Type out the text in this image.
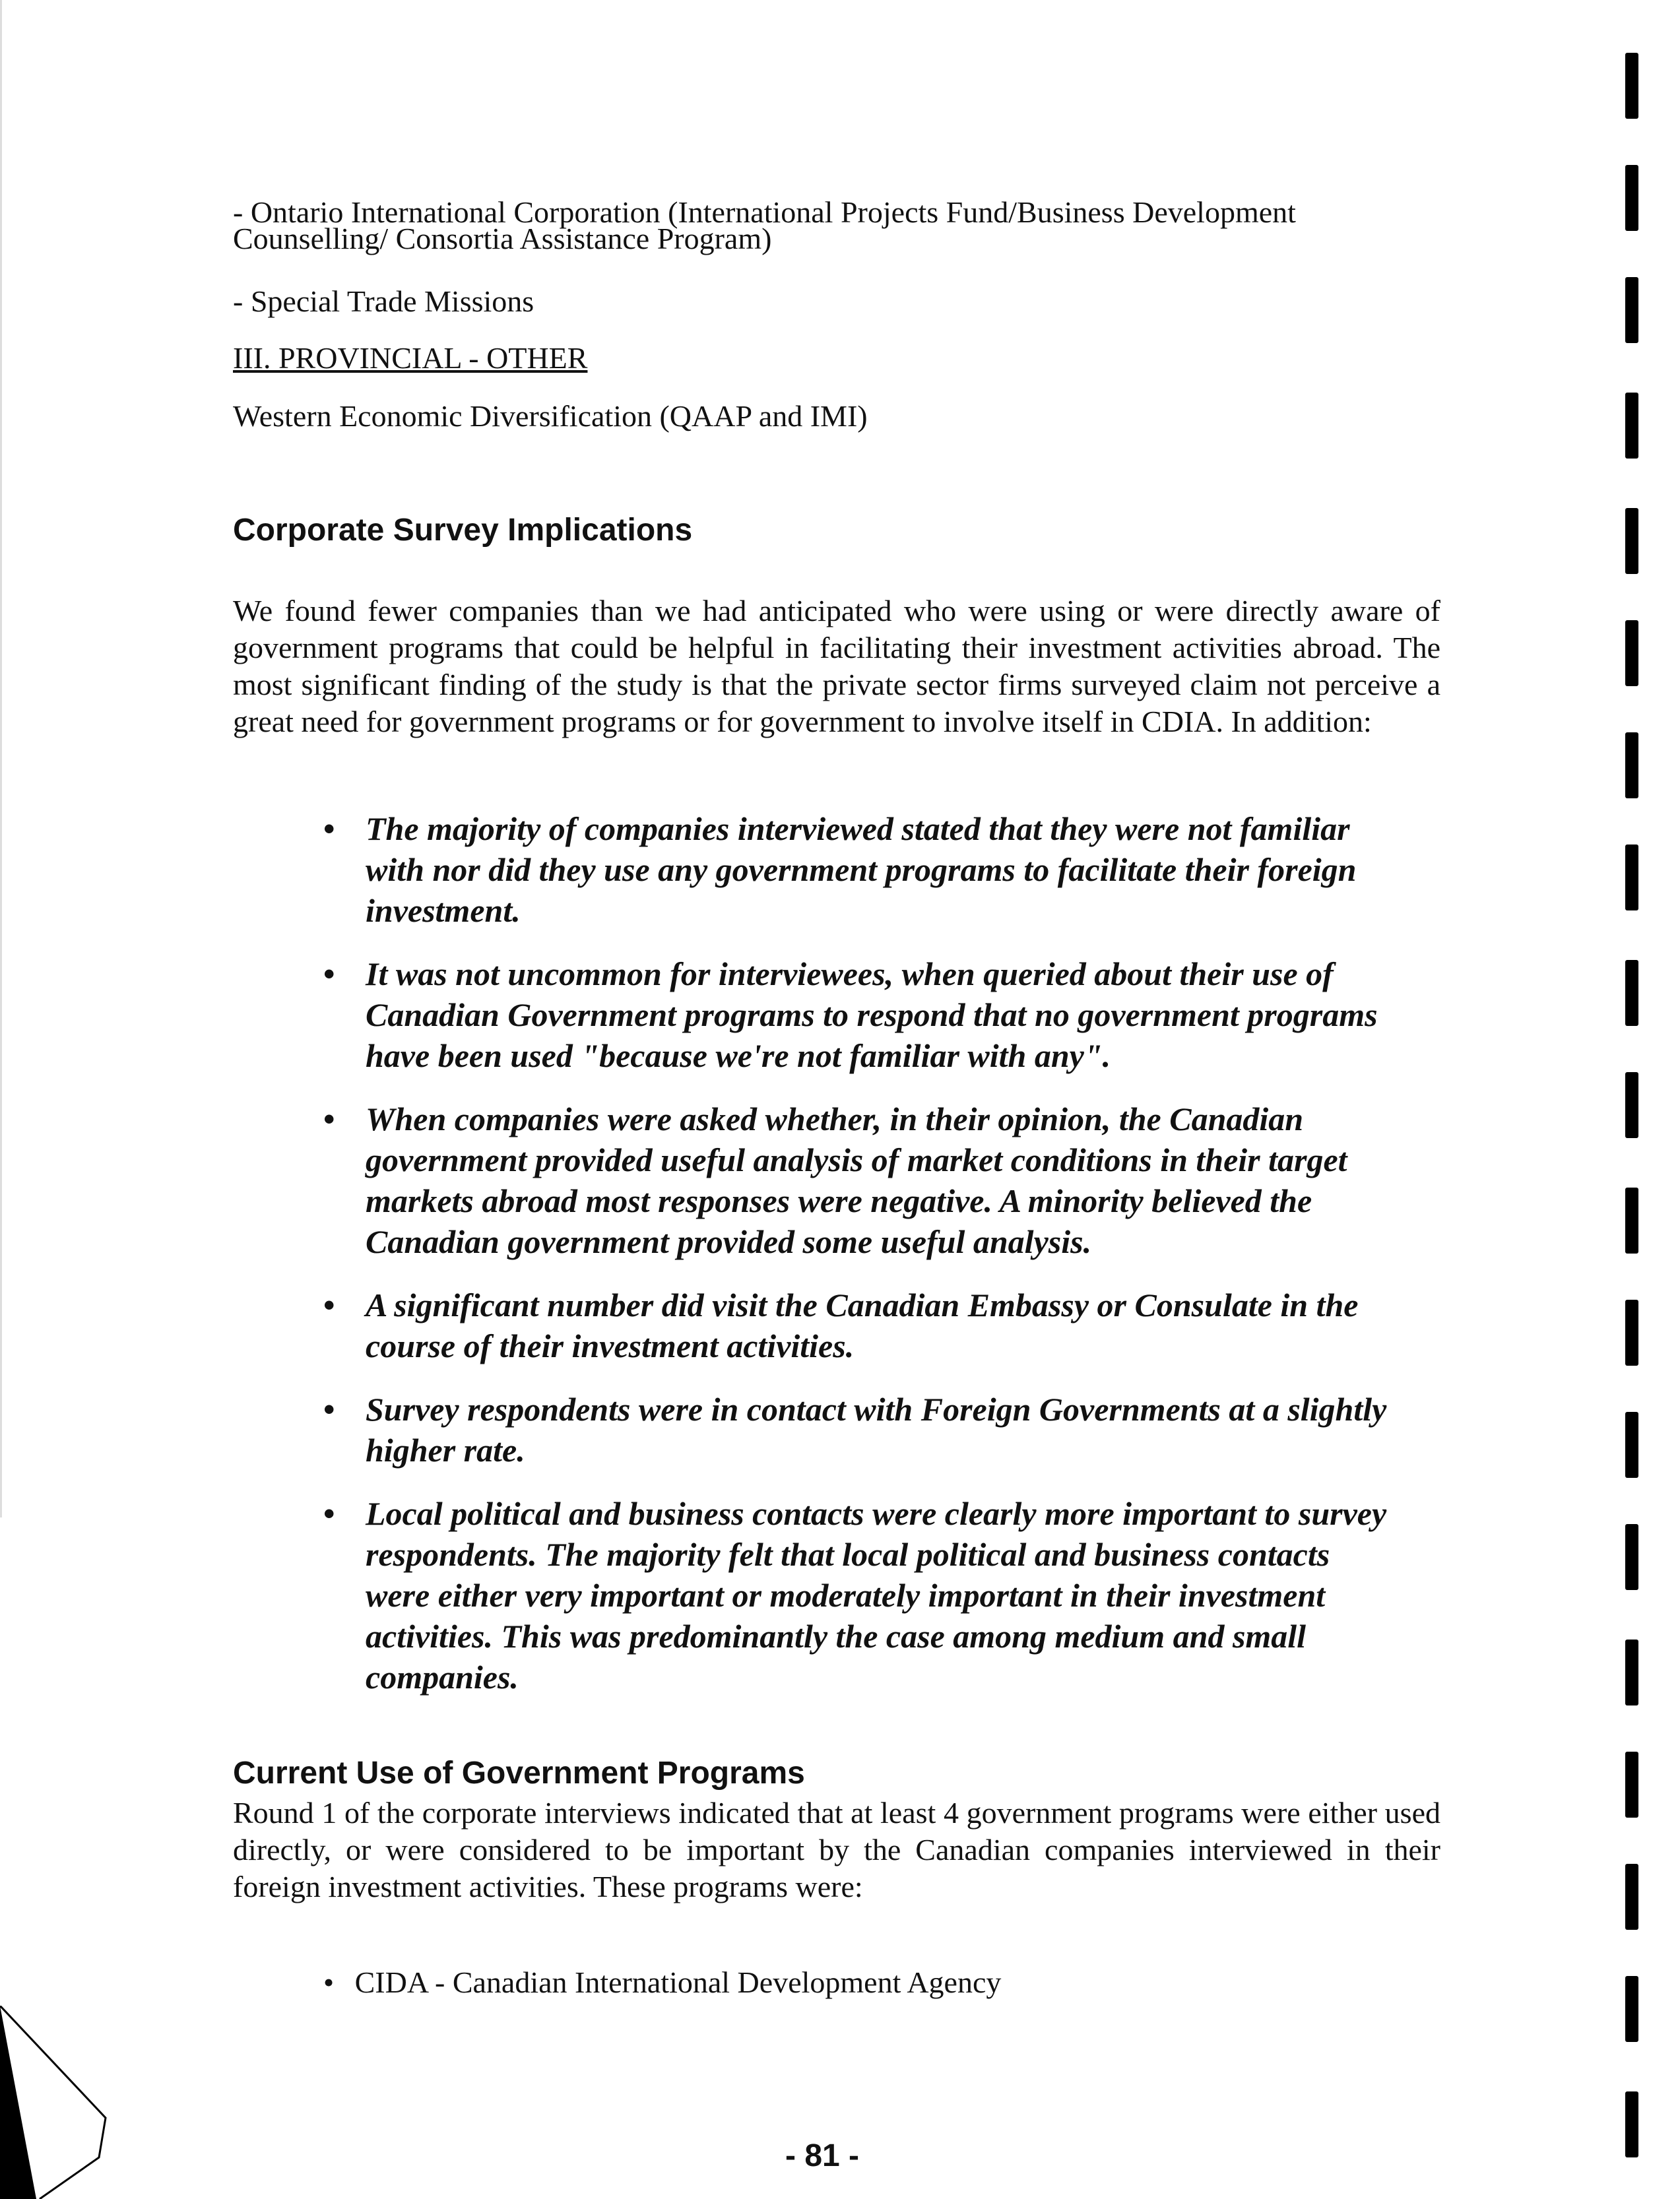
- Ontario International Corporation (International Projects Fund/Business Development Counselling/ Consortia Assistance Program)
- Special Trade Missions
III. PROVINCIAL - OTHER
Western Economic Diversification (QAAP and IMI)
Corporate Survey Implications
We found fewer companies than we had anticipated who were using or were directly aware of government programs that could be helpful in facilitating their investment activities abroad. The most significant finding of the study is that the private sector firms surveyed claim not perceive a great need for government programs or for government to involve itself in CDIA. In addition:
• The majority of companies interviewed stated that they were not familiar with nor did they use any government programs to facilitate their foreign investment.
• It was not uncommon for interviewees, when queried about their use of Canadian Government programs to respond that no government programs have been used "because we're not familiar with any".
• When companies were asked whether, in their opinion, the Canadian government provided useful analysis of market conditions in their target markets abroad most responses were negative. A minority believed the Canadian government provided some useful analysis.
• A significant number did visit the Canadian Embassy or Consulate in the course of their investment activities.
• Survey respondents were in contact with Foreign Governments at a slightly higher rate.
• Local political and business contacts were clearly more important to survey respondents. The majority felt that local political and business contacts were either very important or moderately important in their investment activities. This was predominantly the case among medium and small companies.
Current Use of Government Programs
Round 1 of the corporate interviews indicated that at least 4 government programs were either used directly, or were considered to be important by the Canadian companies interviewed in their foreign investment activities. These programs were:
• CIDA - Canadian International Development Agency
- 81 -
